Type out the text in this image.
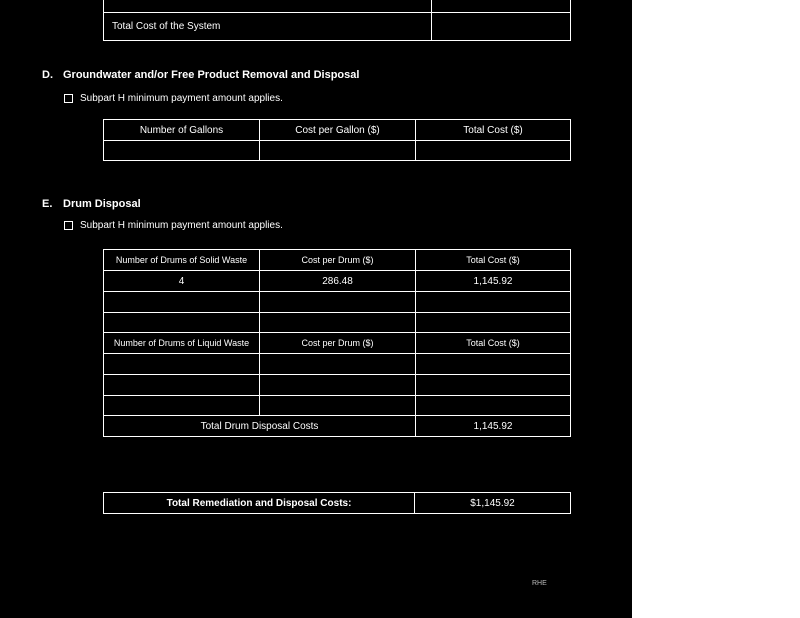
Total Cost of the System	
D. Groundwater and/or Free Product Removal and Disposal
Subpart H minimum payment amount applies.
Number of Gallons	Cost per Gallon ($)	Total Cost ($)

E. Drum Disposal
Subpart H minimum payment amount applies.
Number of Drums of Solid Waste	Cost per Drum ($)	Total Cost ($)
4	286.48	1,145.92

Number of Drums of Liquid Waste	Cost per Drum ($)	Total Cost ($)

Total Drum Disposal Costs		1,145.92
Total Remediation and Disposal Costs:	$1,145.92
RHE
